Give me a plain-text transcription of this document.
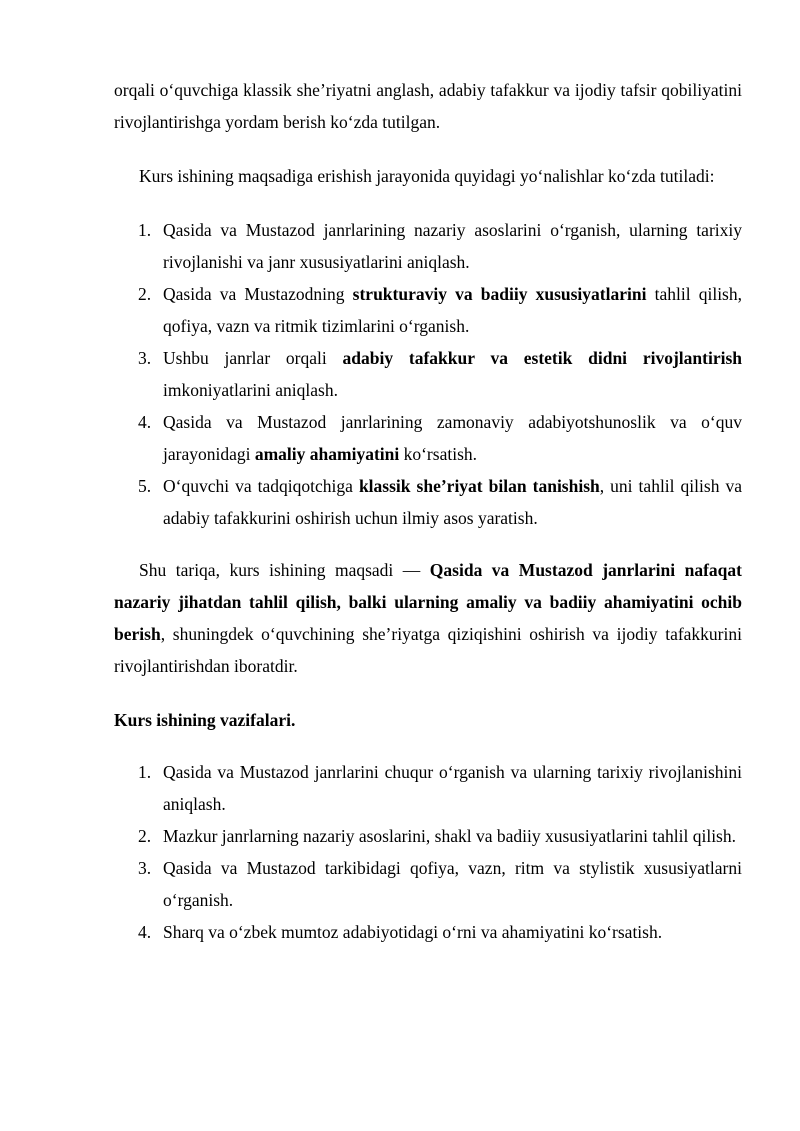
orqali o‘quvchiga klassik she’riyatni anglash, adabiy tafakkur va ijodiy tafsir qobiliyatini rivojlantirishga yordam berish ko‘zda tutilgan.

Kurs ishining maqsadiga erishish jarayonida quyidagi yo‘nalishlar ko‘zda tutiladi:

1. Qasida va Mustazod janrlarining nazariy asoslarini o‘rganish, ularning tarixiy rivojlanishi va janr xususiyatlarini aniqlash.
2. Qasida va Mustazodning strukturaviy va badiiy xususiyatlarini tahlil qilish, qofiya, vazn va ritmik tizimlarini o‘rganish.
3. Ushbu janrlar orqali adabiy tafakkur va estetik didni rivojlantirish imkoniyatlarini aniqlash.
4. Qasida va Mustazod janrlarining zamonaviy adabiyotshunoslik va o‘quv jarayonidagi amaliy ahamiyatini ko‘rsatish.
5. O‘quvchi va tadqiqotchiga klassik she’riyat bilan tanishish, uni tahlil qilish va adabiy tafakkurini oshirish uchun ilmiy asos yaratish.

Shu tariqa, kurs ishining maqsadi — Qasida va Mustazod janrlarini nafaqat nazariy jihatdan tahlil qilish, balki ularning amaliy va badiiy ahamiyatini ochib berish, shuningdek o‘quvchining she’riyatga qiziqishini oshirish va ijodiy tafakkurini rivojlantirishdan iboratdir.

Kurs ishining vazifalari.

1. Qasida va Mustazod janrlarini chuqur o‘rganish va ularning tarixiy rivojlanishini aniqlash.
2. Mazkur janrlarning nazariy asoslarini, shakl va badiiy xususiyatlarini tahlil qilish.
3. Qasida va Mustazod tarkibidagi qofiya, vazn, ritm va stylistik xususiyatlarni o‘rganish.
4. Sharq va o‘zbek mumtoz adabiyotidagi o‘rni va ahamiyatini ko‘rsatish.
